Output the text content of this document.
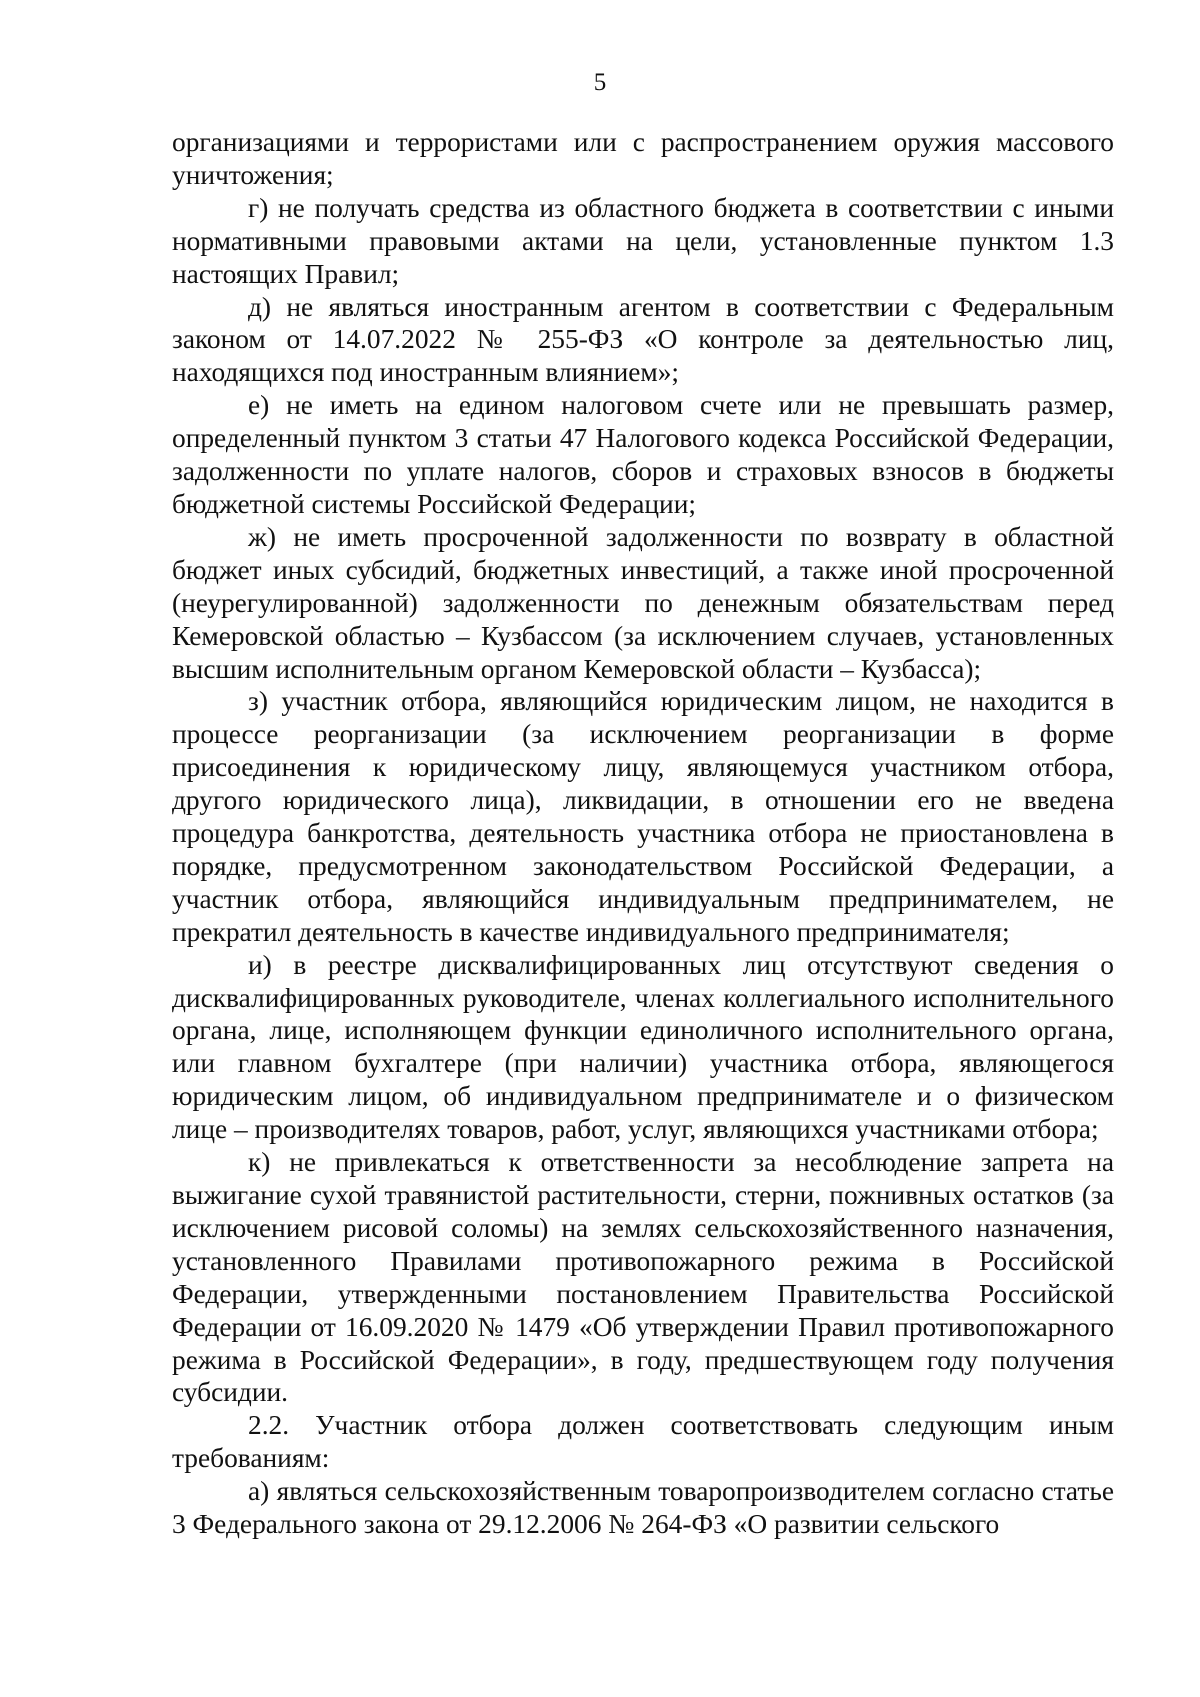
5

организациями и террористами или с распространением оружия массового уничтожения;

г) не получать средства из областного бюджета в соответствии с иными нормативными правовыми актами на цели, установленные пунктом 1.3 настоящих Правил;

д) не являться иностранным агентом в соответствии с Федеральным законом от 14.07.2022 № 255-ФЗ «О контроле за деятельностью лиц, находящихся под иностранным влиянием»;

е) не иметь на едином налоговом счете или не превышать размер, определенный пунктом 3 статьи 47 Налогового кодекса Российской Федерации, задолженности по уплате налогов, сборов и страховых взносов в бюджеты бюджетной системы Российской Федерации;

ж) не иметь просроченной задолженности по возврату в областной бюджет иных субсидий, бюджетных инвестиций, а также иной просроченной (неурегулированной) задолженности по денежным обязательствам перед Кемеровской областью – Кузбассом (за исключением случаев, установленных высшим исполнительным органом Кемеровской области – Кузбасса);

з) участник отбора, являющийся юридическим лицом, не находится в процессе реорганизации (за исключением реорганизации в форме присоединения к юридическому лицу, являющемуся участником отбора, другого юридического лица), ликвидации, в отношении его не введена процедура банкротства, деятельность участника отбора не приостановлена в порядке, предусмотренном законодательством Российской Федерации, а участник отбора, являющийся индивидуальным предпринимателем, не прекратил деятельность в качестве индивидуального предпринимателя;

и) в реестре дисквалифицированных лиц отсутствуют сведения о дисквалифицированных руководителе, членах коллегиального исполнительного органа, лице, исполняющем функции единоличного исполнительного органа, или главном бухгалтере (при наличии) участника отбора, являющегося юридическим лицом, об индивидуальном предпринимателе и о физическом лице – производителях товаров, работ, услуг, являющихся участниками отбора;

к) не привлекаться к ответственности за несоблюдение запрета на выжигание сухой травянистой растительности, стерни, пожнивных остатков (за исключением рисовой соломы) на землях сельскохозяйственного назначения, установленного Правилами противопожарного режима в Российской Федерации, утвержденными постановлением Правительства Российской Федерации от 16.09.2020 № 1479 «Об утверждении Правил противопожарного режима в Российской Федерации», в году, предшествующем году получения субсидии.

2.2. Участник отбора должен соответствовать следующим иным требованиям:

а) являться сельскохозяйственным товаропроизводителем согласно статье 3 Федерального закона от 29.12.2006 № 264-ФЗ «О развитии сельского
